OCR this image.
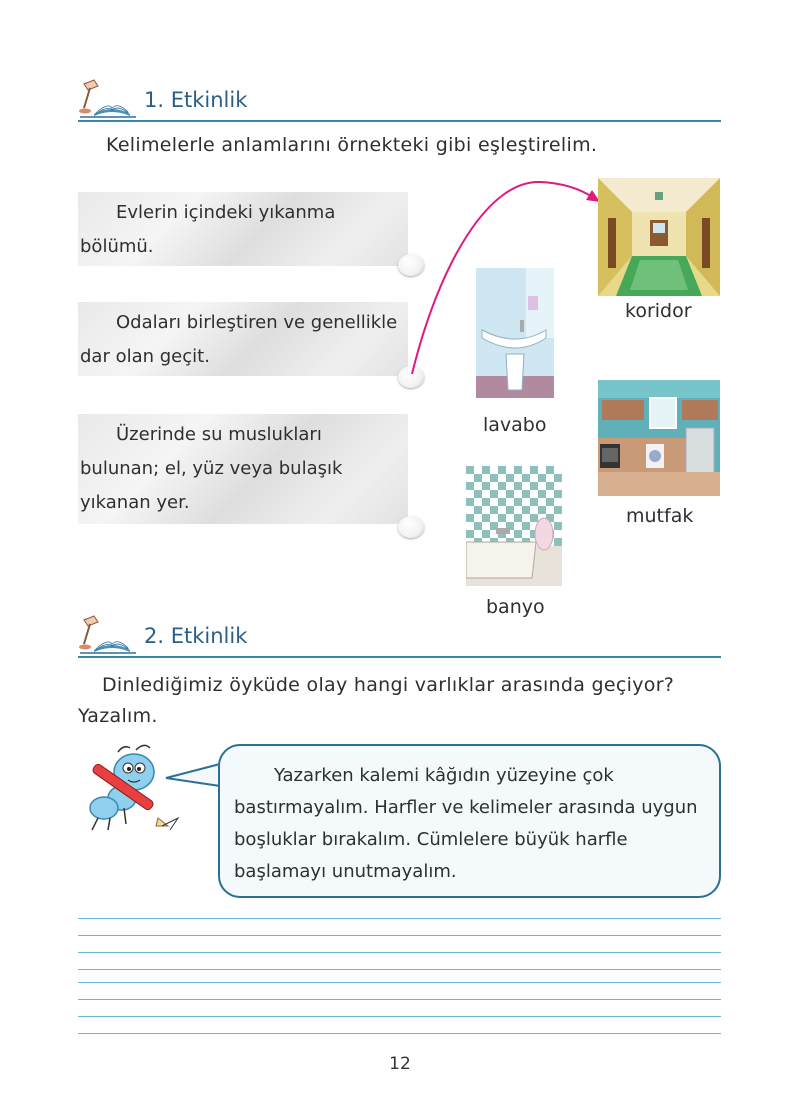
1. Etkinlik
Kelimelerle anlamlarını örnekteki gibi eşleştirelim.
Evlerin içindeki yıkanma bölümü.
Odaları birleştiren ve genellikle dar olan geçit.
Üzerinde su muslukları bulunan; el, yüz veya bulaşık yıkanan yer.
koridor
lavabo
mutfak
banyo
2. Etkinlik
Dinlediğimiz öyküde olay hangi varlıklar arasında geçiyor? Yazalım.
Yazarken kalemi kâğıdın yüzeyine çok bastırmayalım. Harfler ve kelimeler arasında uygun boşluklar bırakalım. Cümlelere büyük harfle başlamayı unutmayalım.
12
